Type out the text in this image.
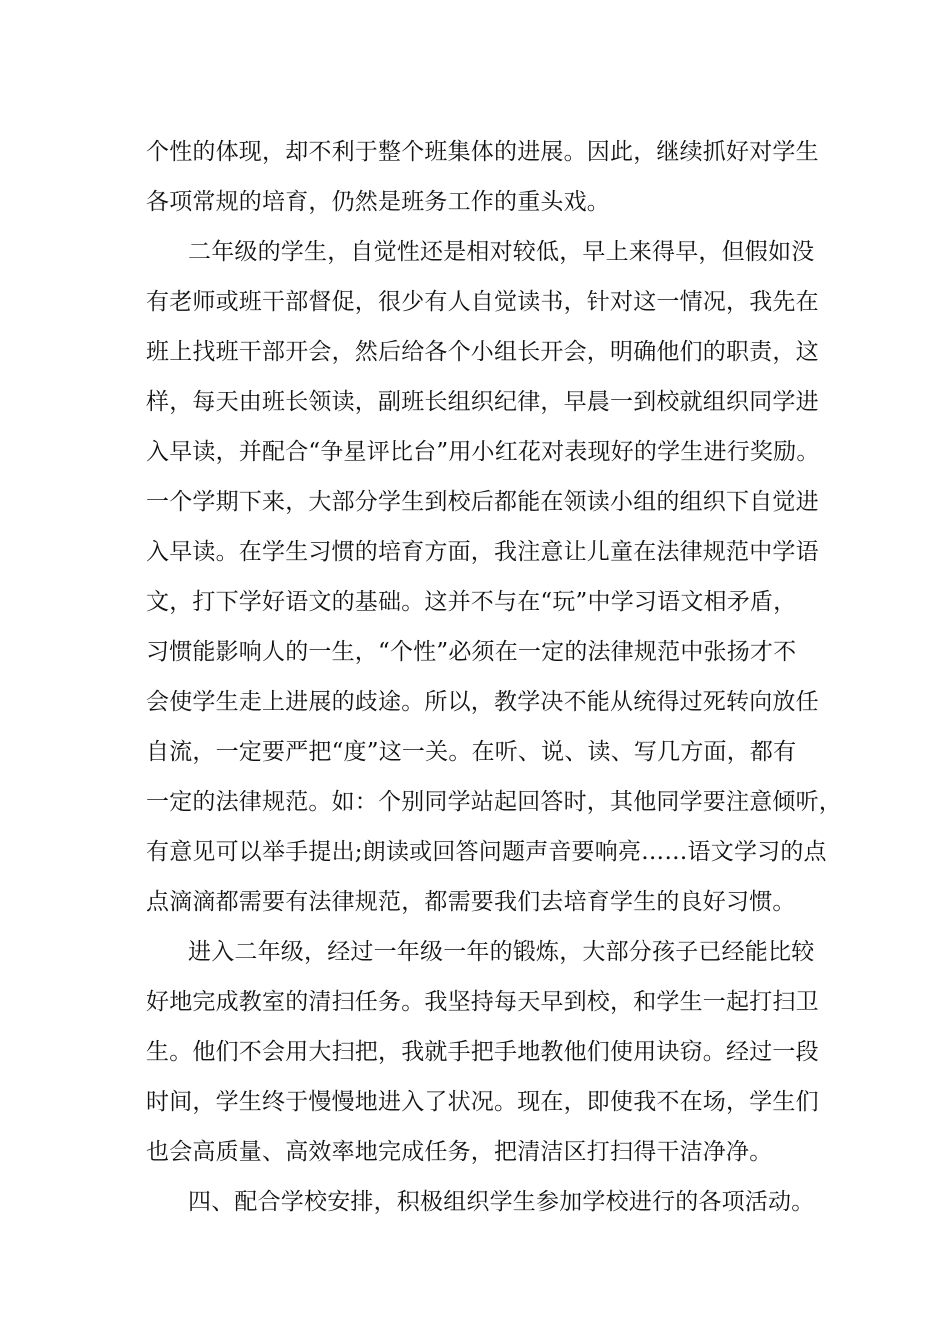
个性的体现，却不利于整个班集体的进展。因此，继续抓好对学生
各项常规的培育，仍然是班务工作的重头戏。
二年级的学生，自觉性还是相对较低，早上来得早，但假如没
有老师或班干部督促，很少有人自觉读书，针对这一情况，我先在
班上找班干部开会，然后给各个小组长开会，明确他们的职责，这
样，每天由班长领读，副班长组织纪律，早晨一到校就组织同学进
入早读，并配合“争星评比台”用小红花对表现好的学生进行奖励。
一个学期下来，大部分学生到校后都能在领读小组的组织下自觉进
入早读。在学生习惯的培育方面，我注意让儿童在法律规范中学语
文，打下学好语文的基础。这并不与在“玩”中学习语文相矛盾，
习惯能影响人的一生，“个性”必须在一定的法律规范中张扬才不
会使学生走上进展的歧途。所以，教学决不能从统得过死转向放任
自流，一定要严把“度”这一关。在听、说、读、写几方面，都有
一定的法律规范。如：个别同学站起回答时，其他同学要注意倾听，
有意见可以举手提出;朗读或回答问题声音要响亮……语文学习的点
点滴滴都需要有法律规范，都需要我们去培育学生的良好习惯。
进入二年级，经过一年级一年的锻炼，大部分孩子已经能比较
好地完成教室的清扫任务。我坚持每天早到校，和学生一起打扫卫
生。他们不会用大扫把，我就手把手地教他们使用诀窃。经过一段
时间，学生终于慢慢地进入了状况。现在，即使我不在场，学生们
也会高质量、高效率地完成任务，把清洁区打扫得干洁净净。
四、配合学校安排，积极组织学生参加学校进行的各项活动。
